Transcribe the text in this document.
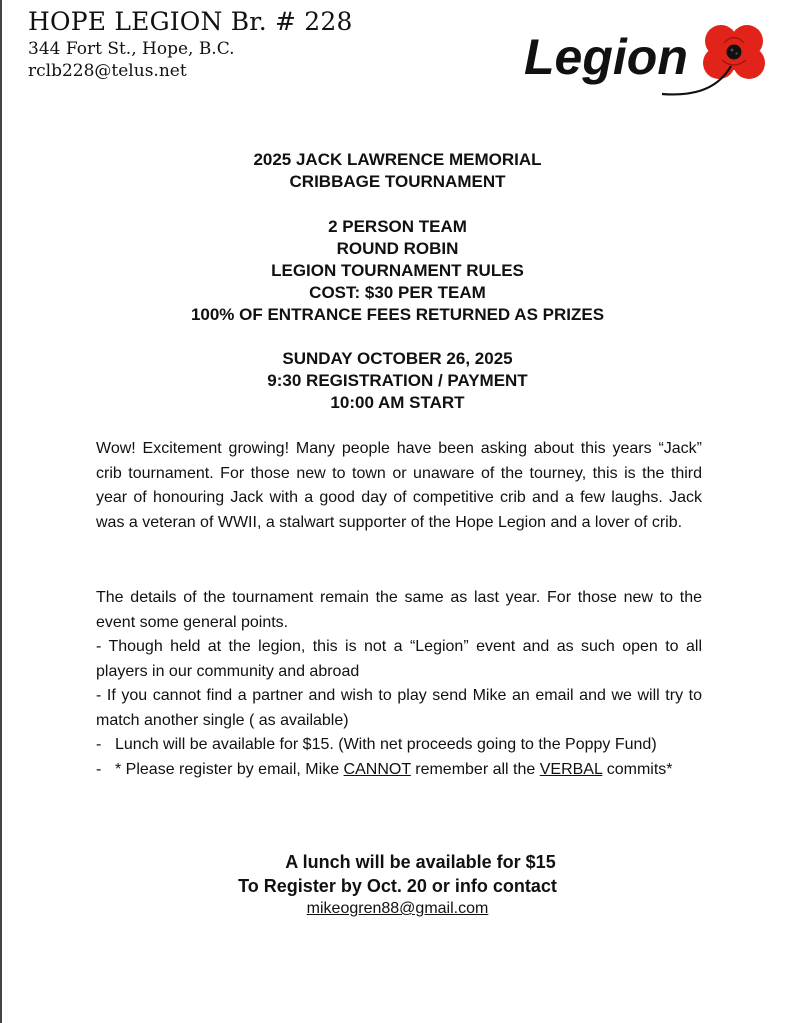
HOPE LEGION Br. # 228
344 Fort St., Hope, B.C.
rclb228@telus.net	Legion
2025 JACK LAWRENCE MEMORIAL
CRIBBAGE TOURNAMENT
2 PERSON TEAM
ROUND ROBIN
LEGION TOURNAMENT RULES
COST: $30 PER TEAM
100% OF ENTRANCE FEES RETURNED AS PRIZES
SUNDAY OCTOBER 26, 2025
9:30 REGISTRATION / PAYMENT
10:00 AM START
Wow! Excitement growing! Many people have been asking about this years “Jack” crib tournament. For those new to town or unaware of the tourney, this is the third year of honouring Jack with a good day of competitive crib and a few laughs. Jack was a veteran of WWII, a stalwart supporter of the Hope Legion and a lover of crib.
The details of the tournament remain the same as last year. For those new to the event some general points.
- Though held at the legion, this is not a “Legion” event and as such open to all players in our community and abroad
- If you cannot find a partner and wish to play send Mike an email and we will try to match another single ( as available)
- Lunch will be available for $15. (With net proceeds going to the Poppy Fund)
- * Please register by email, Mike CANNOT remember all the VERBAL commits*
A lunch will be available for $15
To Register by Oct. 20 or info contact
mikeogren88@gmail.com
